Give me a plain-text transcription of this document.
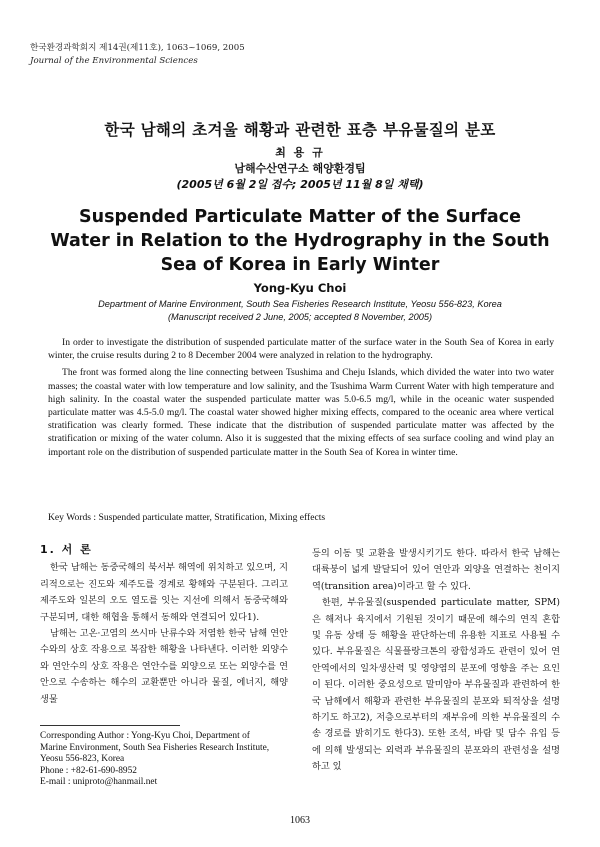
한국환경과학회지 제14권(제11호), 1063~1069, 2005
Journal of the Environmental Sciences
한국 남해의 초겨울 해황과 관련한 표층 부유물질의 분포
최 용 규
남해수산연구소 해양환경팀
(2005년 6월 2일 접수; 2005년 11월 8일 채택)
Suspended Particulate Matter of the Surface Water in Relation to the Hydrography in the South Sea of Korea in Early Winter
Yong-Kyu Choi
Department of Marine Environment, South Sea Fisheries Research Institute, Yeosu 556-823, Korea
(Manuscript received 2 June, 2005; accepted 8 November, 2005)

In order to investigate the distribution of suspended particulate matter of the surface water in the South Sea of Korea in early winter, the cruise results during 2 to 8 December 2004 were analyzed in relation to the hydrography.

The front was formed along the line connecting between Tsushima and Cheju Islands, which divided the water into two water masses; the coastal water with low temperature and low salinity, and the Tsushima Warm Current Water with high temperature and high salinity. In the coastal water the suspended particulate matter was 5.0-6.5 mg/l, while in the oceanic water suspended particulate matter was 4.5-5.0 mg/l. The coastal water showed higher mixing effects, compared to the oceanic area where vertical stratification was clearly formed. These indicate that the distribution of suspended particulate matter was affected by the stratification or mixing of the water column. Also it is suggested that the mixing effects of sea surface cooling and wind play an important role on the distribution of suspended particulate matter in the South Sea of Korea in winter time.

Key Words : Suspended particulate matter, Stratification, Mixing effects
1. 서 론

한국 남해는 동중국해의 북서부 해역에 위치하고 있으며, 지리적으로는 진도와 제주도를 경계로 황해와 구분된다. 그리고 제주도와 일본의 오도 열도를 잇는 지선에 의해서 동중국해와 구분되며, 대한 해협을 통해서 동해와 연결되어 있다1).

남해는 고온·고염의 쓰시마 난류수와 저염한 한국 남해 연안수와의 상호 작용으로 복잡한 해황을 나타낸다. 이러한 외양수와 연안수의 상호 작용은 연안수를 외양으로 또는 외양수를 연안으로 수송하는 해수의 교환뿐만 아니라 물질, 에너지, 해양 생물

등의 이동 및 교환을 발생시키기도 한다. 따라서 한국 남해는 대륙붕이 넓게 발달되어 있어 연안과 외양을 연결하는 천이지역(transition area)이라고 할 수 있다.

한편, 부유물질(suspended particulate matter, SPM)은 해저나 육지에서 기원된 것이기 때문에 해수의 연직 혼합 및 유동 상태 등 해황을 판단하는데 유용한 지표로 사용될 수 있다. 부유물질은 식물플랑크톤의 광합성과도 관련이 있어 연안역에서의 일차생산력 및 영양염의 분포에 영향을 주는 요인이 된다. 이러한 중요성으로 말미암아 부유물질과 관련하여 한국 남해에서 해황과 관련한 부유물질의 분포와 퇴적상을 설명하기도 하고2), 저층으로부터의 재부유에 의한 부유물질의 수송 경로를 밝히기도 한다3). 또한 조석, 바람 및 담수 유입 등에 의해 발생되는 외력과 부유물질의 분포와의 관련성을 설명하고 있

Corresponding Author : Yong-Kyu Choi, Department of
Marine Environment, South Sea Fisheries Research Institute,
Yeosu 556-823, Korea
Phone : +82-61-690-8952
E-mail : uniproto@hanmail.net
1063
